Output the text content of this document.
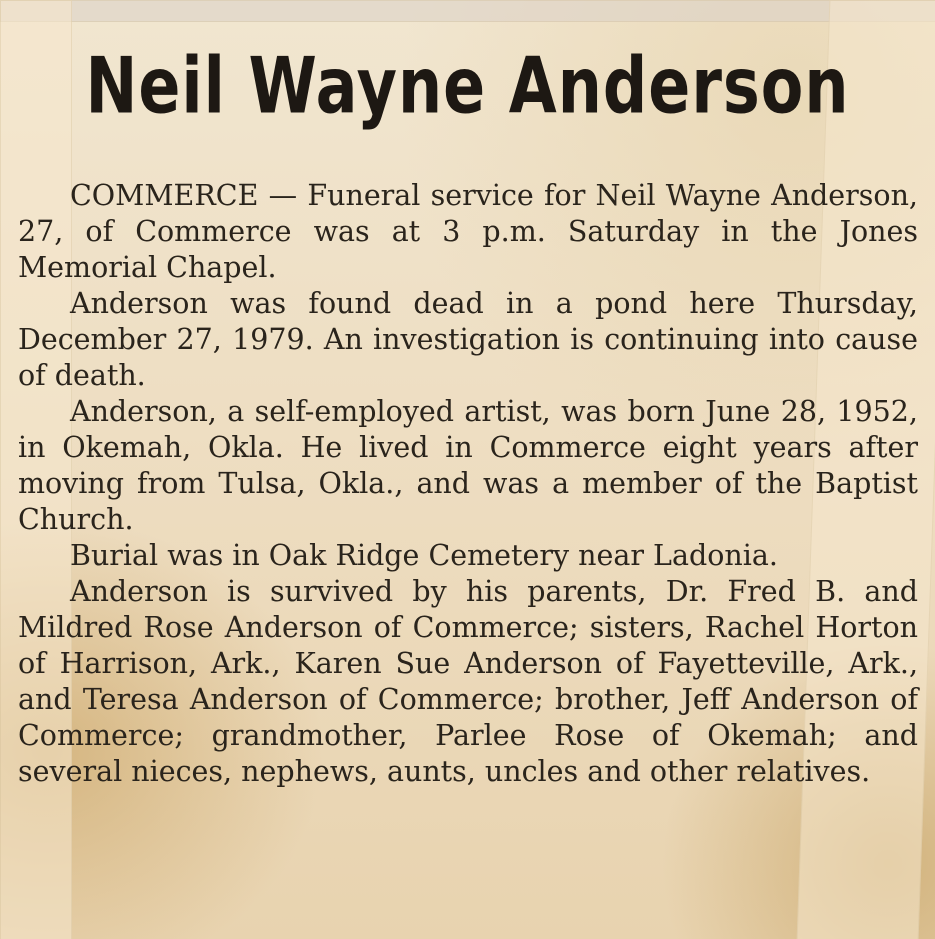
Neil Wayne Anderson

COMMERCE — Funeral service for Neil Wayne Anderson, 27, of Commerce was at 3 p.m. Saturday in the Jones Memorial Chapel.

Anderson was found dead in a pond here Thursday, December 27, 1979. An investigation is continuing into cause of death.

Anderson, a self-employed artist, was born June 28, 1952, in Okemah, Okla. He lived in Commerce eight years after moving from Tulsa, Okla., and was a member of the Baptist Church.

Burial was in Oak Ridge Cemetery near Ladonia.

Anderson is survived by his parents, Dr. Fred B. and Mildred Rose Anderson of Commerce; sisters, Rachel Horton of Harrison, Ark., Karen Sue Anderson of Fayetteville, Ark., and Teresa Anderson of Commerce; brother, Jeff Anderson of Commerce; grandmother, Parlee Rose of Okemah; and several nieces, nephews, aunts, uncles and other relatives.
